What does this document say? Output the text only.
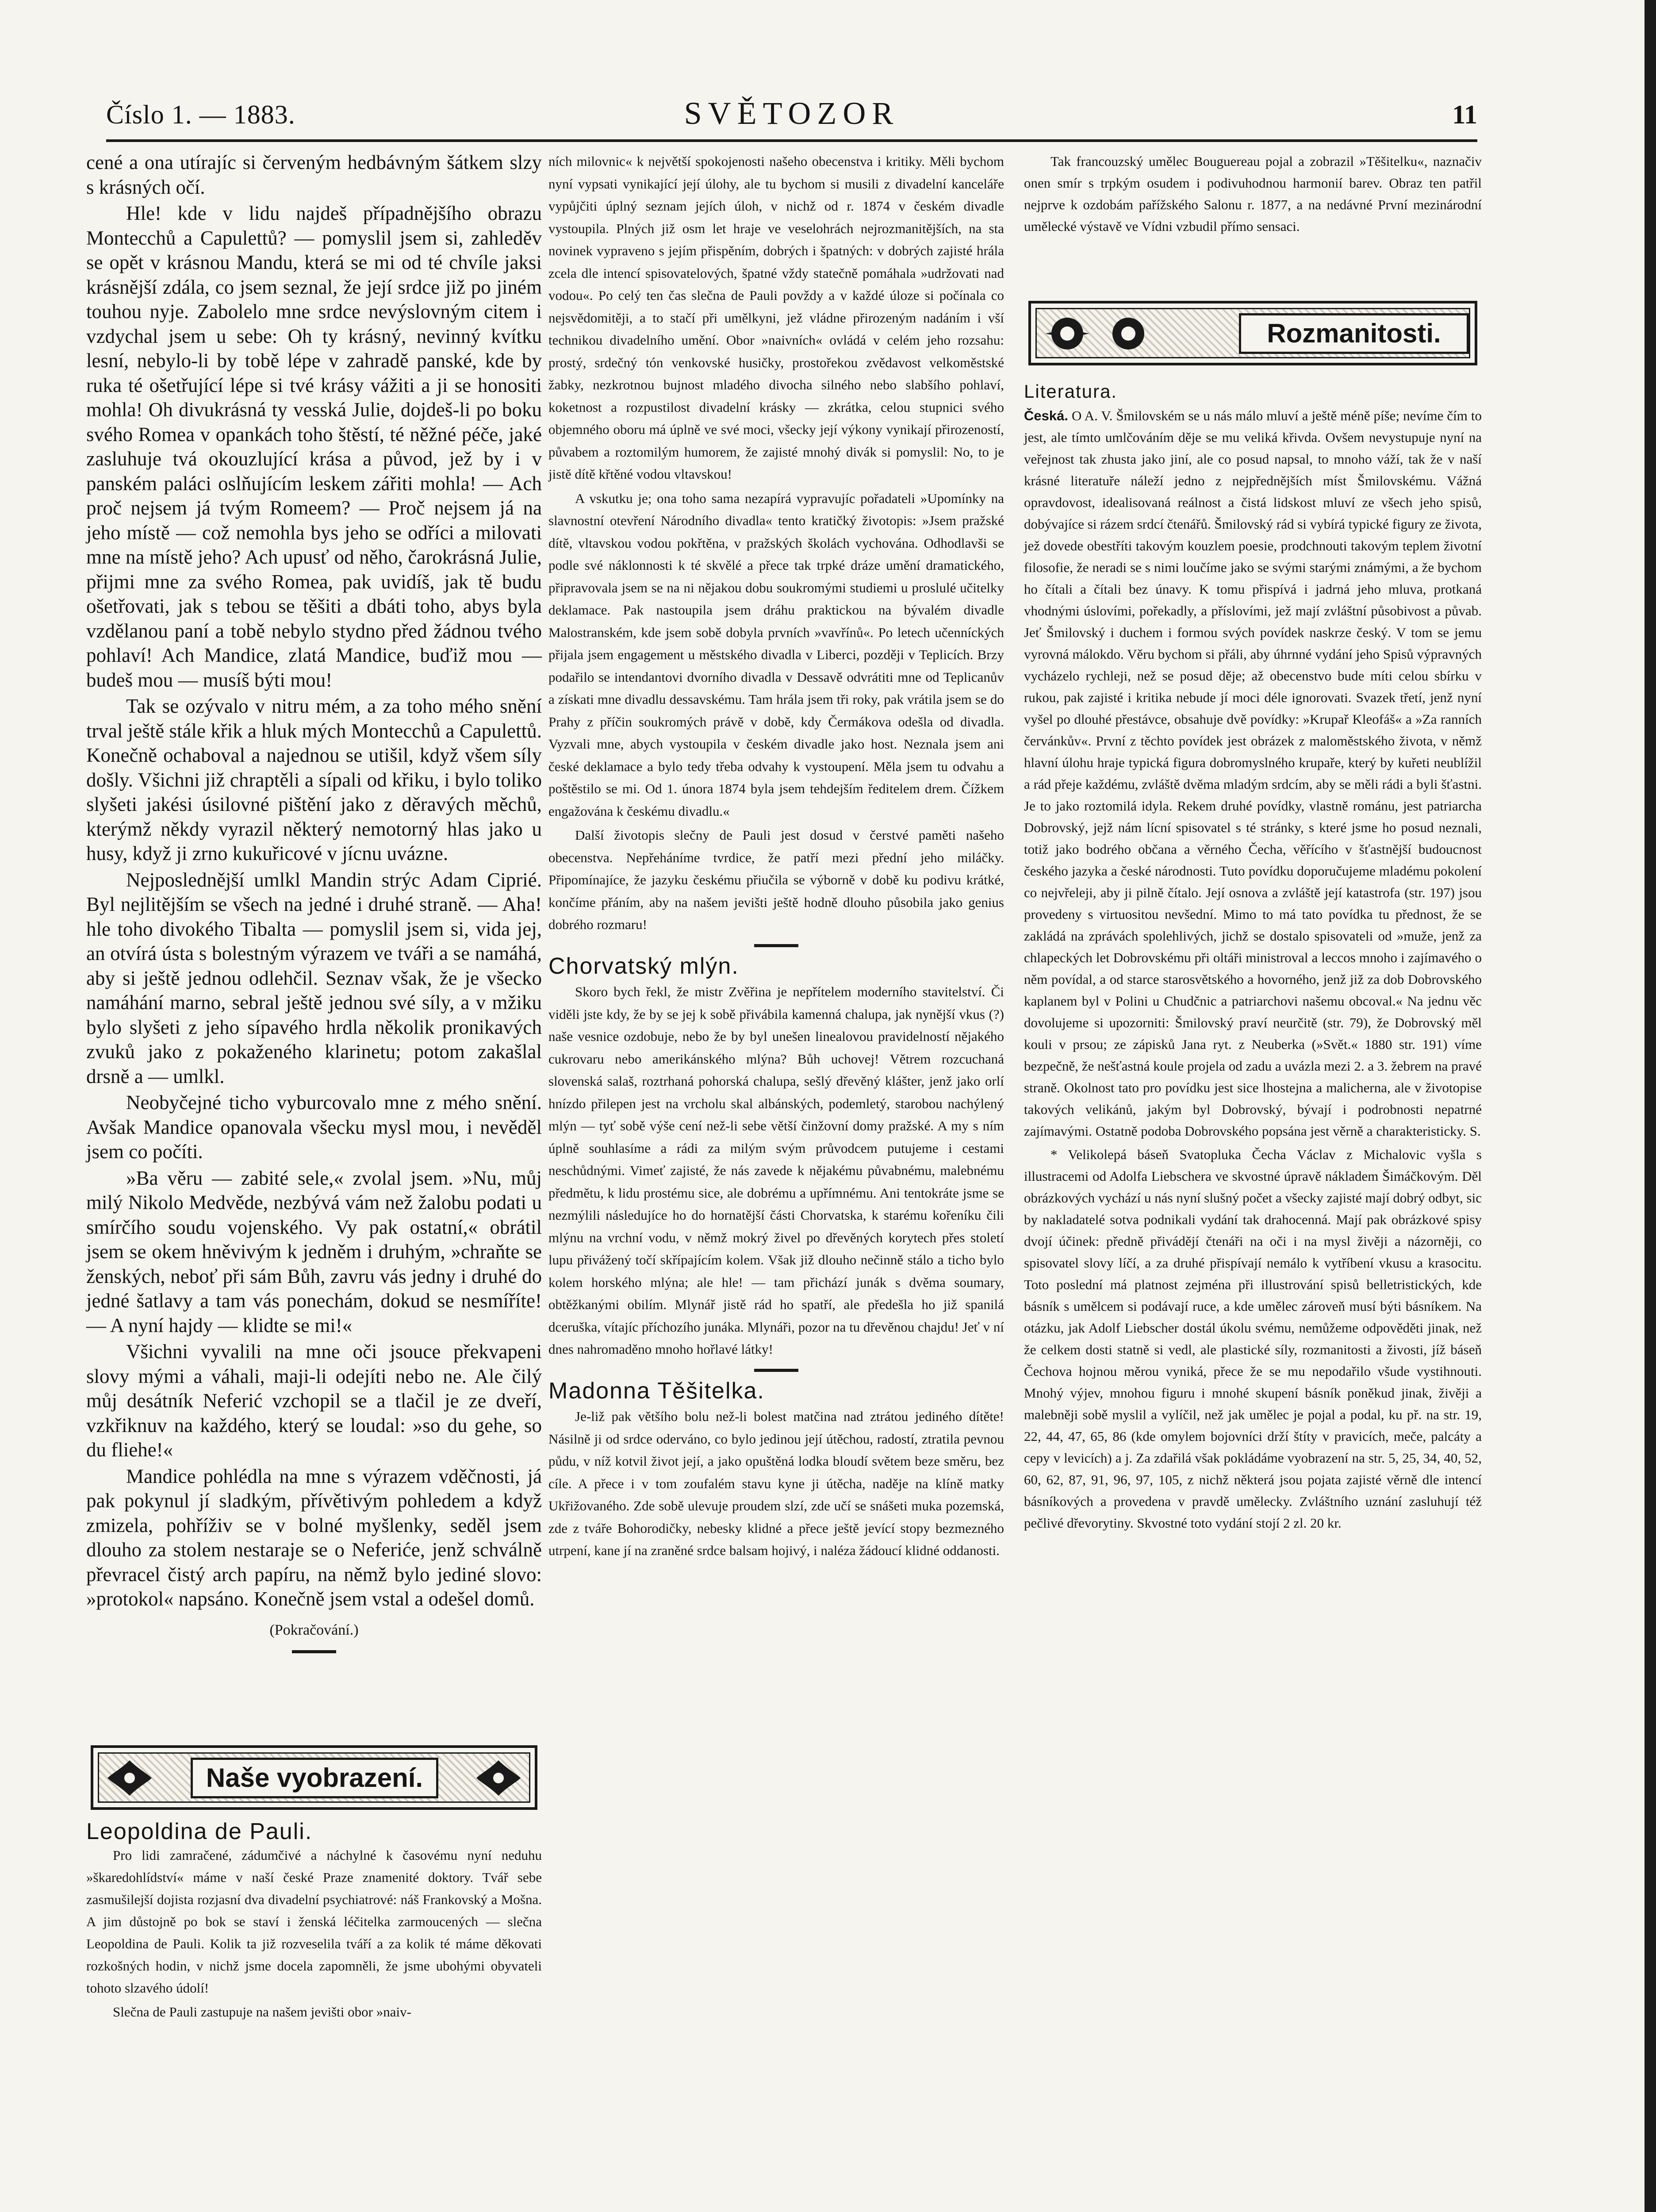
Číslo 1. — 1883.	SVĚTOZOR	11

cené a ona utírajíc si červeným hedbávným šátkem slzy s krásných očí.

Hle! kde v lidu najdeš případnějšího obrazu Montecchů a Capulettů? — pomyslil jsem si, zahleděv se opět v krásnou Mandu, která se mi od té chvíle jaksi krásnější zdála, co jsem seznal, že její srdce již po jiném touhou nyje. Zabolelo mne srdce nevýslovným citem i vzdychal jsem u sebe: Oh ty krásný, nevinný kvítku lesní, nebylo-li by tobě lépe v zahradě panské, kde by ruka té ošetřující lépe si tvé krásy vážiti a ji se honositi mohla! Oh divukrásná ty vesská Julie, dojdeš-li po boku svého Romea v opankách toho štěstí, té něžné péče, jaké zasluhuje tvá okouzlující krása a původ, jež by i v panském paláci oslňujícím leskem zářiti mohla! — Ach proč nejsem já tvým Romeem? — Proč nejsem já na jeho místě — což nemohla bys jeho se odříci a milovati mne na místě jeho? Ach upusť od něho, čarokrásná Julie, přijmi mne za svého Romea, pak uvidíš, jak tě budu ošetřovati, jak s tebou se těšiti a dbáti toho, abys byla vzdělanou paní a tobě nebylo stydno před žádnou tvého pohlaví! Ach Mandice, zlatá Mandice, buďiž mou — budeš mou — musíš býti mou!

Tak se ozývalo v nitru mém, a za toho mého snění trval ještě stále křik a hluk mých Montecchů a Capulettů. Konečně ochaboval a najednou se utišil, když všem síly došly. Všichni již chraptěli a sípali od křiku, i bylo toliko slyšeti jakési úsilovné pištění jako z děravých měchů, kterýmž někdy vyrazil některý nemotorný hlas jako u husy, když ji zrno kukuřicové v jícnu uvázne.

Nejposlednější umlkl Mandin strýc Adam Ciprié. Byl nejlitějším se všech na jedné i druhé straně. — Aha! hle toho divokého Tibalta — pomyslil jsem si, vida jej, an otvírá ústa s bolestným výrazem ve tváři a se namáhá, aby si ještě jednou odlehčil. Seznav však, že je všecko namáhání marno, sebral ještě jednou své síly, a v mžiku bylo slyšeti z jeho sípavého hrdla několik pronikavých zvuků jako z pokaženého klarinetu; potom zakašlal drsně a — umlkl.

Neobyčejné ticho vyburcovalo mne z mého snění. Avšak Mandice opanovala všecku mysl mou, i nevěděl jsem co počíti.

»Ba věru — zabité sele,« zvolal jsem. »Nu, můj milý Nikolo Medvěde, nezbývá vám než žalobu podati u smírčího soudu vojenského. Vy pak ostatní,« obrátil jsem se okem hněvivým k jedněm i druhým, »chraňte se ženských, neboť při sám Bůh, zavru vás jedny i druhé do jedné šatlavy a tam vás ponechám, dokud se nesmíříte! — A nyní hajdy — klidte se mi!«

Všichni vyvalili na mne oči jsouce překvapeni slovy mými a váhali, maji-li odejíti nebo ne. Ale čilý můj desátník Neferić vzchopil se a tlačil je ze dveří, vzkřiknuv na každého, který se loudal: »so du gehe, so du fliehe!«

Mandice pohlédla na mne s výrazem vděčnosti, já pak pokynul jí sladkým, přívětivým pohledem a když zmizela, pohříživ se v bolné myšlenky, seděl jsem dlouho za stolem nestaraje se o Neferiće, jenž schválně převracel čistý arch papíru, na němž bylo jediné slovo: »protokol« napsáno. Konečně jsem vstal a odešel domů.

(Pokračování.)
Naše vyobrazení.

Leopoldina de Pauli.

Pro lidi zamračené, zádumčivé a náchylné k časovému nyní neduhu »škaredohlídství« máme v naší české Praze znamenité doktory. Tvář sebe zasmušilejší dojista rozjasní dva divadelní psychiatrové: náš Frankovský a Mošna. A jim důstojně po bok se staví i ženská léčitelka zarmoucených — slečna Leopoldina de Pauli. Kolik ta již rozveselila tváří a za kolik té máme děkovati rozkošných hodin, v nichž jsme docela zapomněli, že jsme ubohými obyvateli tohoto slzavého údolí!

Slečna de Pauli zastupuje na našem jevišti obor »naiv-

ních milovnic« k největší spokojenosti našeho obecenstva i kritiky. Měli bychom nyní vypsati vynikající její úlohy, ale tu bychom si musili z divadelní kanceláře vypůjčiti úplný seznam jejích úloh, v nichž od r. 1874 v českém divadle vystoupila. Plných již osm let hraje ve veselohrách nejrozmanitějších, na sta novinek vypraveno s jejím přispěním, dobrých i špatných: v dobrých zajisté hrála zcela dle intencí spisovatelových, špatné vždy statečně pomáhala »udržovati nad vodou«. Po celý ten čas slečna de Pauli povždy a v každé úloze si počínala co nejsvědomitěji, a to stačí při umělkyni, jež vládne přirozeným nadáním i vší technikou divadelního umění. Obor »naivních« ovládá v celém jeho rozsahu: prostý, srdečný tón venkovské husičky, prostořekou zvědavost velkoměstské žabky, nezkrotnou bujnost mladého divocha silného nebo slabšího pohlaví, koketnost a rozpustilost divadelní krásky — zkrátka, celou stupnici svého objemného oboru má úplně ve své moci, všecky její výkony vynikají přirozeností, půvabem a roztomilým humorem, že zajisté mnohý divák si pomyslil: No, to je jistě dítě křtěné vodou vltavskou!

A vskutku je; ona toho sama nezapírá vypravujíc pořadateli »Upomínky na slavnostní otevření Národního divadla« tento kratičký životopis: »Jsem pražské dítě, vltavskou vodou pokřtěna, v pražských školách vychována. Odhodlavši se podle své náklonnosti k té skvělé a přece tak trpké dráze umění dramatického, připravovala jsem se na ni nějakou dobu soukromými studiemi u proslulé učitelky deklamace. Pak nastoupila jsem dráhu praktickou na bývalém divadle Malostranském, kde jsem sobě dobyla prvních »vavřínů«. Po letech učenníckých přijala jsem engagement u městského divadla v Liberci, později v Teplicích. Brzy podařilo se intendantovi dvorního divadla v Dessavě odvrátiti mne od Teplicanův a získati mne divadlu dessavskému. Tam hrála jsem tři roky, pak vrátila jsem se do Prahy z příčin soukromých právě v době, kdy Čermákova odešla od divadla. Vyzvali mne, abych vystoupila v českém divadle jako host. Neznala jsem ani české deklamace a bylo tedy třeba odvahy k vystoupení. Měla jsem tu odvahu a poštěstilo se mi. Od 1. února 1874 byla jsem tehdejším ředitelem drem. Čížkem engažována k českému divadlu.«

Další životopis slečny de Pauli jest dosud v čerstvé paměti našeho obecenstva. Nepřeháníme tvrdice, že patří mezi přední jeho miláčky. Připomínajíce, že jazyku českému přiučila se výborně v době ku podivu krátké, končíme přáním, aby na našem jevišti ještě hodně dlouho působila jako genius dobrého rozmaru!

Chorvatský mlýn.

Skoro bych řekl, že mistr Zvěřina je nepřítelem moderního stavitelství. Či viděli jste kdy, že by se jej k sobě přivábila kamenná chalupa, jak nynější vkus (?) naše vesnice ozdobuje, nebo že by byl unešen linealovou pravidelností nějakého cukrovaru nebo amerikánského mlýna? Bůh uchovej! Větrem rozcuchaná slovenská salaš, roztrhaná pohorská chalupa, sešlý dřevěný klášter, jenž jako orlí hnízdo přilepen jest na vrcholu skal albánských, podemletý, starobou nachýlený mlýn — tyť sobě výše cení než-li sebe větší činžovní domy pražské. A my s ním úplně souhlasíme a rádi za milým svým průvodcem putujeme i cestami neschůdnými. Vimeť zajisté, že nás zavede k nějakému půvabnému, malebnému předmětu, k lidu prostému sice, ale dobrému a upřímnému. Ani tentokráte jsme se nezmýlili následujíce ho do hornatější části Chorvatska, k starému kořeníku čili mlýnu na vrchní vodu, v němž mokrý živel po dřevěných korytech přes století lupu přivážený točí skřípajícím kolem. Však již dlouho nečinně stálo a ticho bylo kolem horského mlýna; ale hle! — tam přichází junák s dvěma soumary, obtěžkanými obilím. Mlynář jistě rád ho spatří, ale předešla ho již spanilá dceruška, vítajíc příchozího junáka. Mlynáři, pozor na tu dřevěnou chajdu! Jeť v ní dnes nahromaděno mnoho hořlavé látky!

Madonna Těšitelka.

Je-liž pak většího bolu než-li bolest matčina nad ztrátou jediného dítěte! Násilně ji od srdce oderváno, co bylo jedinou její útěchou, radostí, ztratila pevnou půdu, v níž kotvil život její, a jako opuštěná lodka bloudí světem beze směru, bez cíle. A přece i v tom zoufalém stavu kyne ji útěcha, naděje na klíně matky Ukřižovaného. Zde sobě ulevuje proudem slzí, zde učí se snášeti muka pozemská, zde z tváře Bohorodičky, nebesky klidné a přece ještě jevící stopy bezmezného utrpení, kane jí na zraněné srdce balsam hojivý, i naléza žádoucí klidné oddanosti.

Tak francouzský umělec Bouguereau pojal a zobrazil »Těšitelku«, naznačiv onen smír s trpkým osudem i podivuhodnou harmonií barev. Obraz ten patřil nejprve k ozdobám pařížského Salonu r. 1877, a na nedávné První mezinárodní umělecké výstavě ve Vídni vzbudil přímo sensaci.

Rozmanitosti.

Literatura.

Česká. O A. V. Šmilovském se u nás málo mluví a ještě méně píše; nevíme čím to jest, ale tímto umlčováním děje se mu veliká křivda. Ovšem nevystupuje nyní na veřejnost tak zhusta jako jiní, ale co posud napsal, to mnoho váží, tak že v naší krásné literatuře náleží jedno z nejpřednějších míst Šmilovskému. Vážná opravdovost, idealisovaná reálnost a čistá lidskost mluví ze všech jeho spisů, dobývajíce si rázem srdcí čtenářů. Šmilovský rád si vybírá typické figury ze života, jež dovede obestříti takovým kouzlem poesie, prodchnouti takovým teplem životní filosofie, že neradi se s nimi loučíme jako se svými starými známými, a že bychom ho čítali a čítali bez únavy. K tomu přispívá i jadrná jeho mluva, protkaná vhodnými úslovími, pořekadly, a příslovími, jež mají zvláštní působivost a půvab. Jeť Šmilovský i duchem i formou svých povídek naskrze český. V tom se jemu vyrovná málokdo. Věru bychom si přáli, aby úhrnné vydání jeho Spisů výpravných vycházelo rychleji, než se posud děje; až obecenstvo bude míti celou sbírku v rukou, pak zajisté i kritika nebude jí moci déle ignorovati. Svazek třetí, jenž nyní vyšel po dlouhé přestávce, obsahuje dvě povídky: »Krupař Kleofáš« a »Za ranních červánkův«. První z těchto povídek jest obrázek z maloměstského života, v němž hlavní úlohu hraje typická figura dobromyslného krupaře, který by kuřeti neublížil a rád přeje každému, zvláště dvěma mladým srdcím, aby se měli rádi a byli šťastni. Je to jako roztomilá idyla. Rekem druhé povídky, vlastně románu, jest patriarcha Dobrovský, jejž nám lícní spisovatel s té stránky, s které jsme ho posud neznali, totiž jako bodrého občana a věrného Čecha, věřícího v šťastnější budoucnost českého jazyka a české národnosti. Tuto povídku doporučujeme mladému pokolení co nejvřeleji, aby ji pilně čítalo. Její osnova a zvláště její katastrofa (str. 197) jsou provedeny s virtuositou nevšední. Mimo to má tato povídka tu přednost, že se zakládá na zprávách spolehlivých, jichž se dostalo spisovateli od »muže, jenž za chlapeckých let Dobrovskému při oltáři ministroval a leccos mnoho i zajímavého o něm povídal, a od starce starosvětského a hovorného, jenž již za dob Dobrovského kaplanem byl v Polini u Chudčnic a patriarchovi našemu obcoval.« Na jednu věc dovolujeme si upozorniti: Šmilovský praví neurčitě (str. 79), že Dobrovský měl kouli v prsou; ze zápisků Jana ryt. z Neuberka (»Svět.« 1880 str. 191) víme bezpečně, že nešťastná koule projela od zadu a uvázla mezi 2. a 3. žebrem na pravé straně. Okolnost tato pro povídku jest sice lhostejna a malicherna, ale v životopise takových velikánů, jakým byl Dobrovský, bývají i podrobnosti nepatrné zajímavými. Ostatně podoba Dobrovského popsána jest věrně a charakteristicky. S.

* Velikolepá báseň Svatopluka Čecha Václav z Michalovic vyšla s illustracemi od Adolfa Liebschera ve skvostné úpravě nákladem Šimáčkovým. Děl obrázkových vychází u nás nyní slušný počet a všecky zajisté mají dobrý odbyt, sic by nakladatelé sotva podnikali vydání tak drahocenná. Mají pak obrázkové spisy dvojí účinek: předně přivádějí čtenáři na oči i na mysl živěji a názorněji, co spisovatel slovy líčí, a za druhé přispívají nemálo k vytříbení vkusu a krasocitu. Toto poslední má platnost zejména při illustrování spisů belletristických, kde básník s umělcem si podávají ruce, a kde umělec zároveň musí býti básníkem. Na otázku, jak Adolf Liebscher dostál úkolu svému, nemůžeme odpověděti jinak, než že celkem dosti statně si vedl, ale plastické síly, rozmanitosti a živosti, jíž báseň Čechova hojnou měrou vyniká, přece že se mu nepodařilo všude vystihnouti. Mnohý výjev, mnohou figuru i mnohé skupení básník poněkud jinak, živěji a malebněji sobě myslil a vylíčil, než jak umělec je pojal a podal, ku př. na str. 19, 22, 44, 47, 65, 86 (kde omylem bojovníci drží štíty v pravicích, meče, palcáty a cepy v levicích) a j. Za zdařilá však pokládáme vyobrazení na str. 5, 25, 34, 40, 52, 60, 62, 87, 91, 96, 97, 105, z nichž některá jsou pojata zajisté věrně dle intencí básníkových a provedena v pravdě umělecky. Zvláštního uznání zasluhují též pečlivé dřevorytiny. Skvostné toto vydání stojí 2 zl. 20 kr.
